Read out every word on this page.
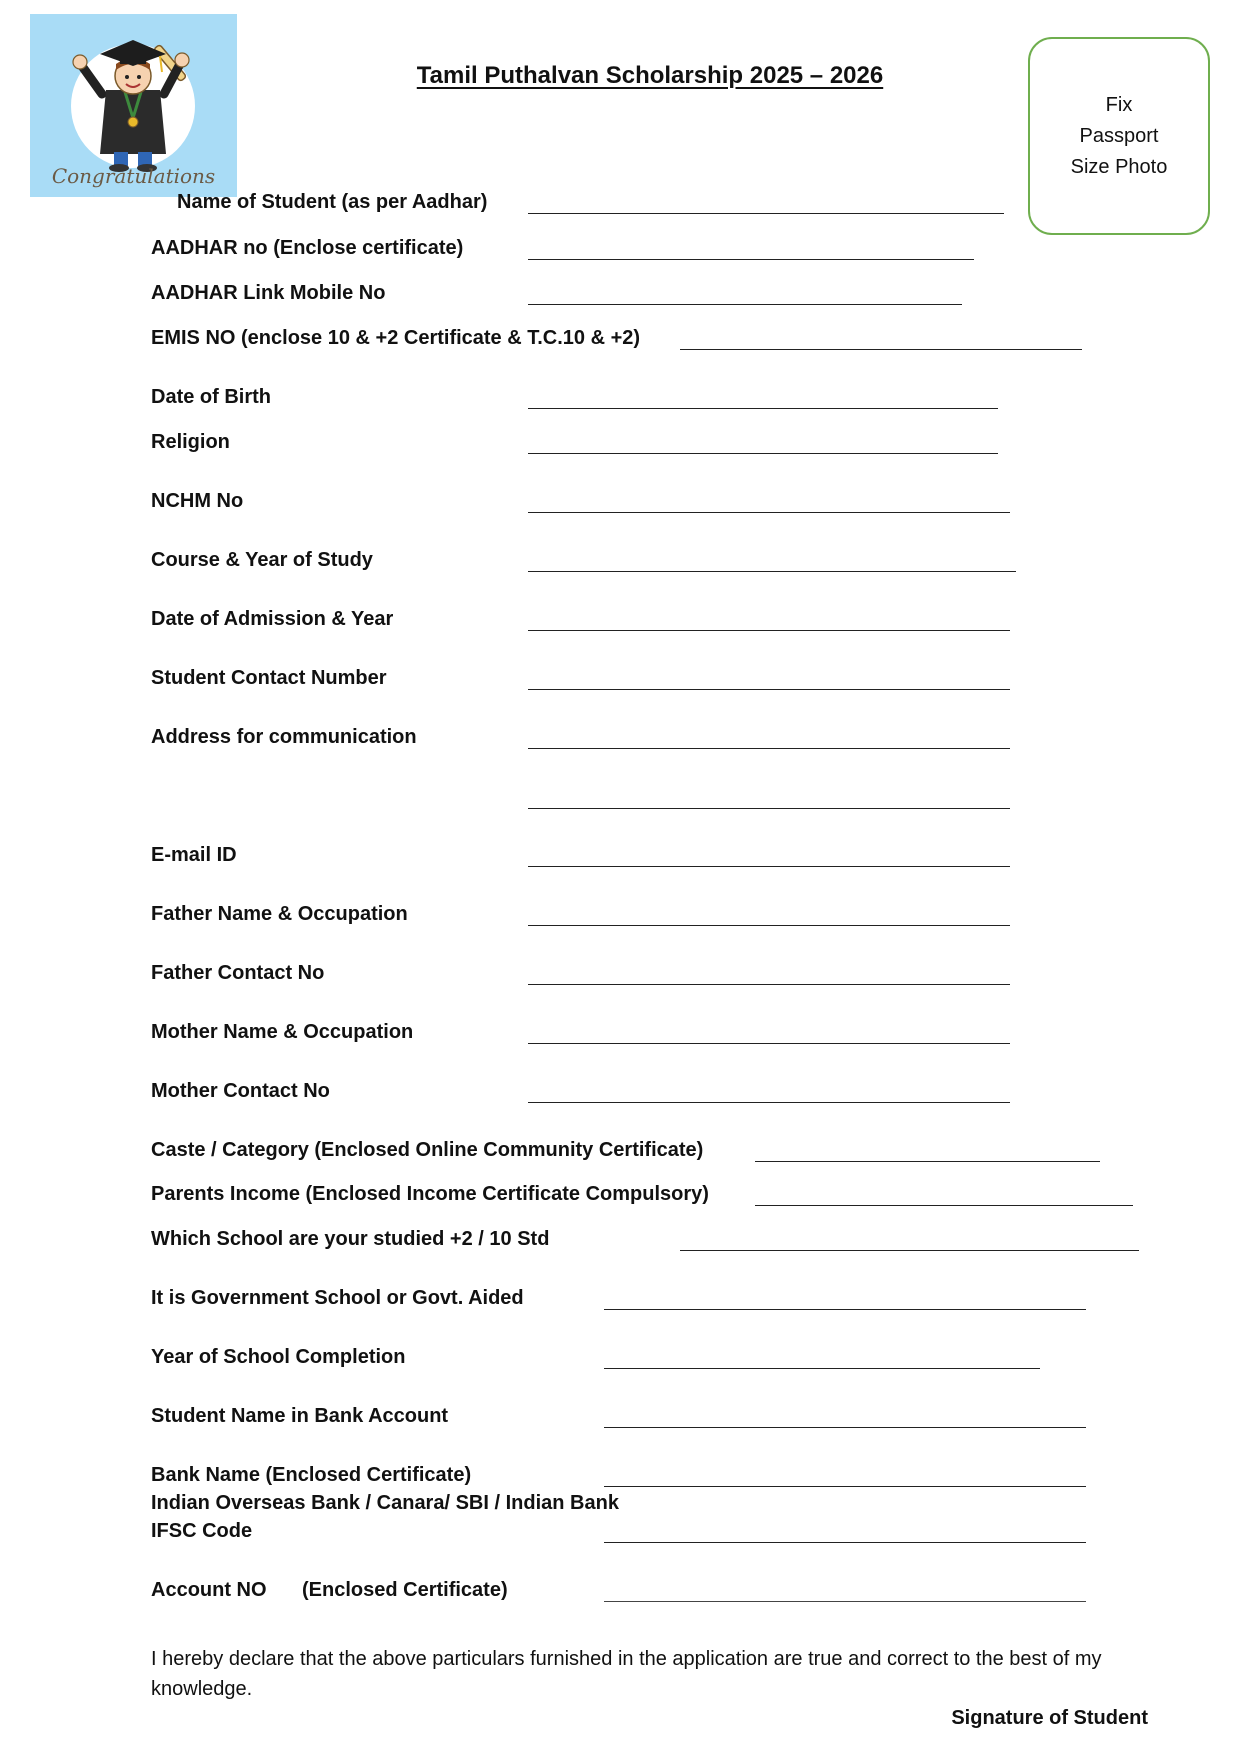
Congratulations
Tamil Puthalvan Scholarship 2025 – 2026
Fix
Passport
Size Photo
Name of Student (as per Aadhar)
AADHAR no (Enclose certificate)
AADHAR Link Mobile No
EMIS NO (enclose 10 & +2 Certificate & T.C.10 & +2)
Date of Birth
Religion
NCHM No
Course & Year of Study
Date of Admission & Year
Student Contact Number
Address for communication
E-mail ID
Father Name & Occupation
Father Contact No
Mother Name & Occupation
Mother Contact No
Caste / Category (Enclosed Online Community Certificate)
Parents Income (Enclosed Income Certificate Compulsory)
Which School are your studied +2 / 10 Std
It is Government School or Govt. Aided
Year of School Completion
Student Name in Bank Account
Bank Name (Enclosed Certificate)
Indian Overseas Bank / Canara/ SBI / Indian Bank
IFSC Code
Account NO (Enclosed Certificate)
I hereby declare that the above particulars furnished in the application are true and correct to the best of my knowledge.
Signature of Student
